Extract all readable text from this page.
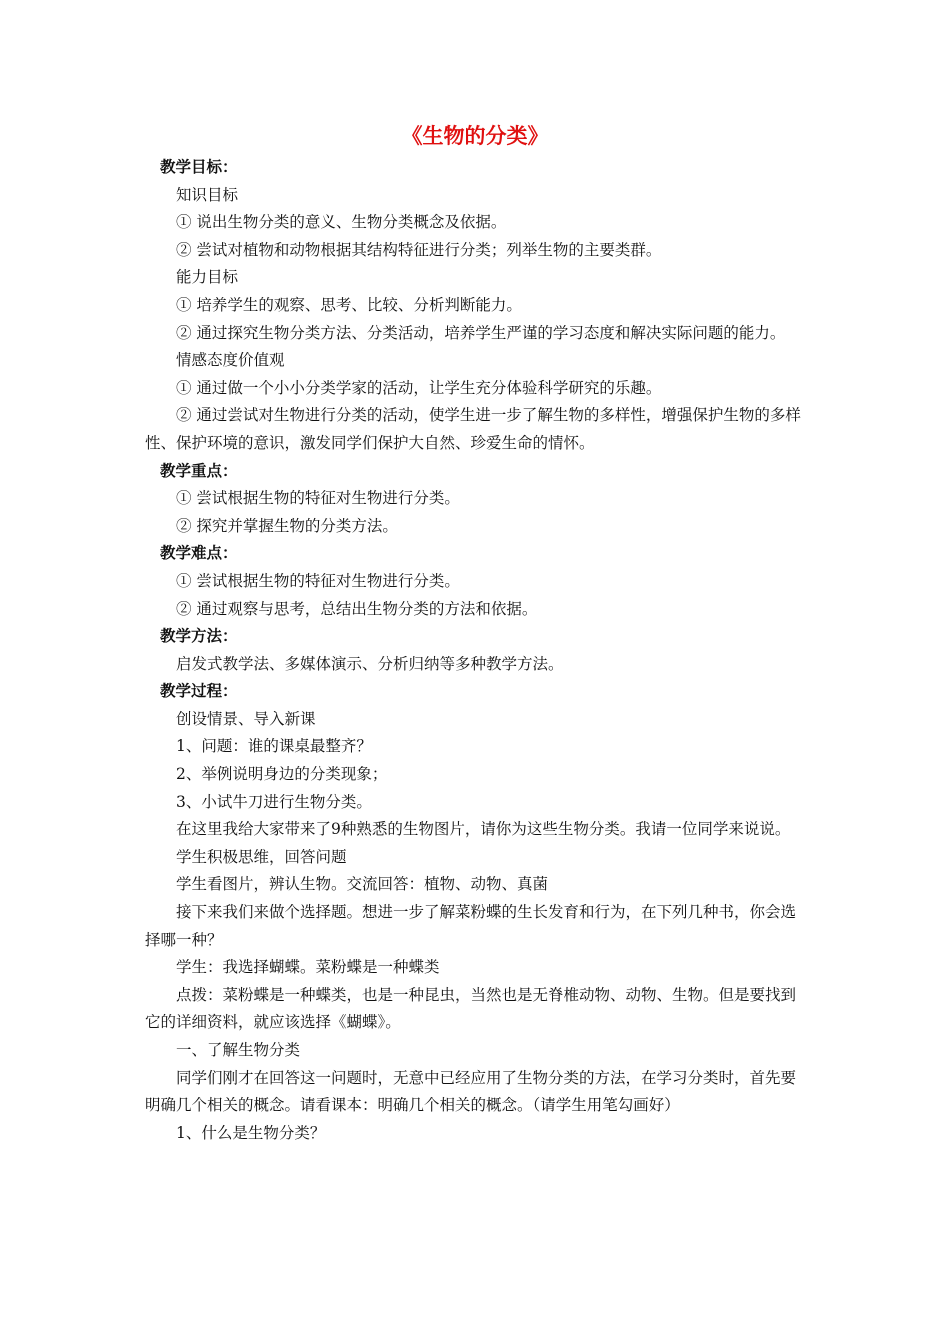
《生物的分类》

教学目标：

知识目标

① 说出生物分类的意义、生物分类概念及依据。

② 尝试对植物和动物根据其结构特征进行分类；列举生物的主要类群。

能力目标

① 培养学生的观察、思考、比较、分析判断能力。

② 通过探究生物分类方法、分类活动，培养学生严谨的学习态度和解决实际问题的能力。

情感态度价值观

① 通过做一个小小分类学家的活动，让学生充分体验科学研究的乐趣。

② 通过尝试对生物进行分类的活动，使学生进一步了解生物的多样性，增强保护生物的多样性、保护环境的意识，激发同学们保护大自然、珍爱生命的情怀。

教学重点：

① 尝试根据生物的特征对生物进行分类。

② 探究并掌握生物的分类方法。

教学难点：

① 尝试根据生物的特征对生物进行分类。

② 通过观察与思考，总结出生物分类的方法和依据。

教学方法：

启发式教学法、多媒体演示、分析归纳等多种教学方法。

教学过程：

创设情景、导入新课

1、问题：谁的课桌最整齐？

2、举例说明身边的分类现象；

3、小试牛刀进行生物分类。

在这里我给大家带来了9种熟悉的生物图片，请你为这些生物分类。我请一位同学来说说。

学生积极思维，回答问题

学生看图片，辨认生物。交流回答：植物、动物、真菌

接下来我们来做个选择题。想进一步了解菜粉蝶的生长发育和行为，在下列几种书，你会选择哪一种？

学生：我选择蝴蝶。菜粉蝶是一种蝶类

点拨：菜粉蝶是一种蝶类，也是一种昆虫，当然也是无脊椎动物、动物、生物。但是要找到它的详细资料，就应该选择《蝴蝶》。

一、了解生物分类

同学们刚才在回答这一问题时，无意中已经应用了生物分类的方法，在学习分类时，首先要明确几个相关的概念。请看课本：明确几个相关的概念。（请学生用笔勾画好）

1、什么是生物分类？
